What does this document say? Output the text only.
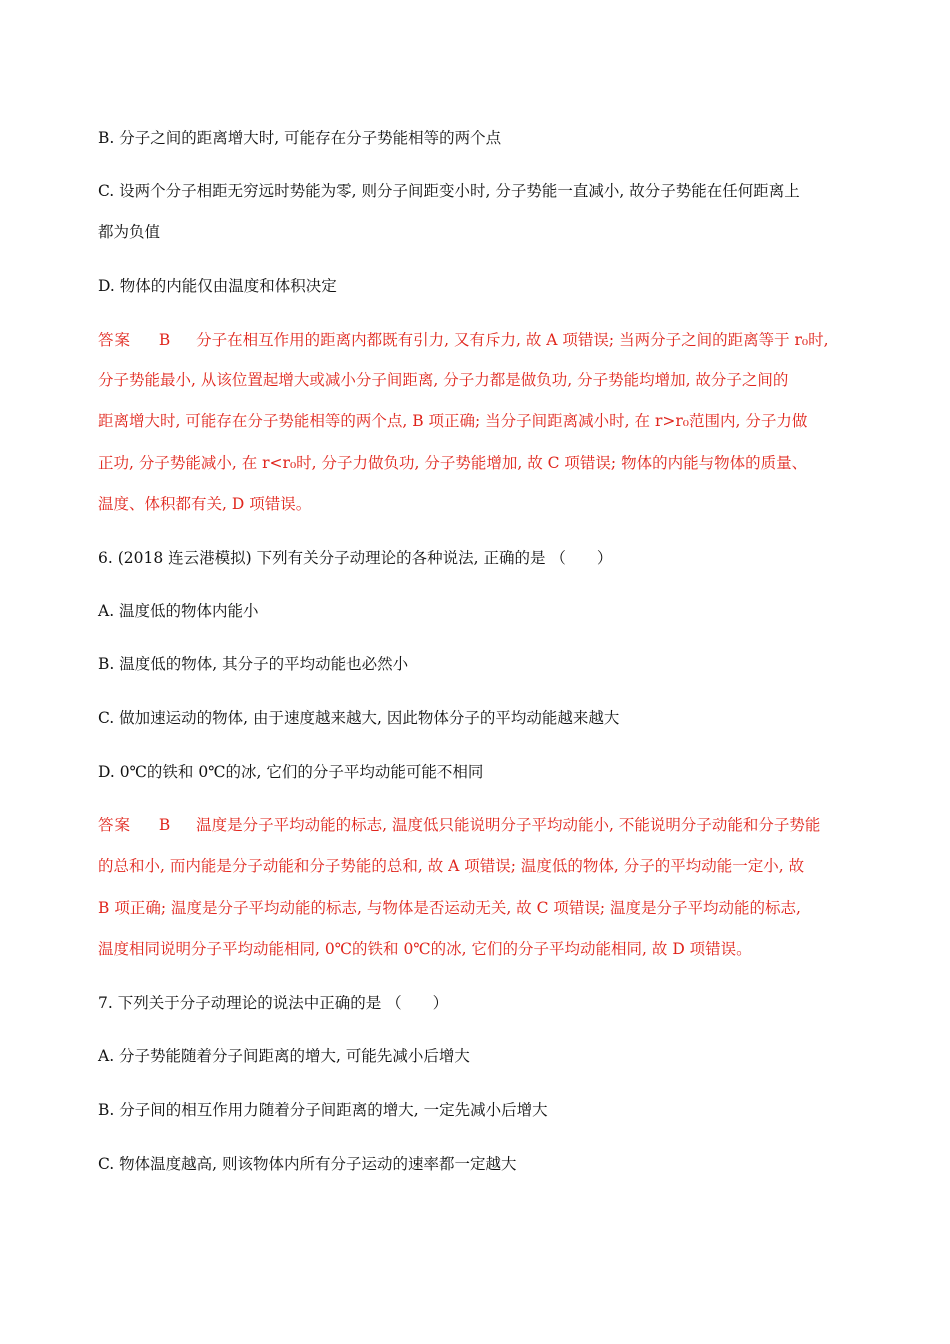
B. 分子之间的距离增大时, 可能存在分子势能相等的两个点
C. 设两个分子相距无穷远时势能为零, 则分子间距变小时, 分子势能一直减小, 故分子势能在任何距离上
都为负值
D. 物体的内能仅由温度和体积决定
答案 B 分子在相互作用的距离内都既有引力, 又有斥力, 故 A 项错误; 当两分子之间的距离等于 r₀时,
分子势能最小, 从该位置起增大或减小分子间距离, 分子力都是做负功, 分子势能均增加, 故分子之间的
距离增大时, 可能存在分子势能相等的两个点, B 项正确; 当分子间距离减小时, 在 r>r₀范围内, 分子力做
正功, 分子势能减小, 在 r<r₀时, 分子力做负功, 分子势能增加, 故 C 项错误; 物体的内能与物体的质量、
温度、体积都有关, D 项错误。
6. (2018 连云港模拟) 下列有关分子动理论的各种说法, 正确的是 （　　）
A. 温度低的物体内能小
B. 温度低的物体, 其分子的平均动能也必然小
C. 做加速运动的物体, 由于速度越来越大, 因此物体分子的平均动能越来越大
D. 0℃的铁和 0℃的冰, 它们的分子平均动能可能不相同
答案 B 温度是分子平均动能的标志, 温度低只能说明分子平均动能小, 不能说明分子动能和分子势能
的总和小, 而内能是分子动能和分子势能的总和, 故 A 项错误; 温度低的物体, 分子的平均动能一定小, 故
B 项正确; 温度是分子平均动能的标志, 与物体是否运动无关, 故 C 项错误; 温度是分子平均动能的标志,
温度相同说明分子平均动能相同, 0℃的铁和 0℃的冰, 它们的分子平均动能相同, 故 D 项错误。
7. 下列关于分子动理论的说法中正确的是 （　　）
A. 分子势能随着分子间距离的增大, 可能先减小后增大
B. 分子间的相互作用力随着分子间距离的增大, 一定先减小后增大
C. 物体温度越高, 则该物体内所有分子运动的速率都一定越大
